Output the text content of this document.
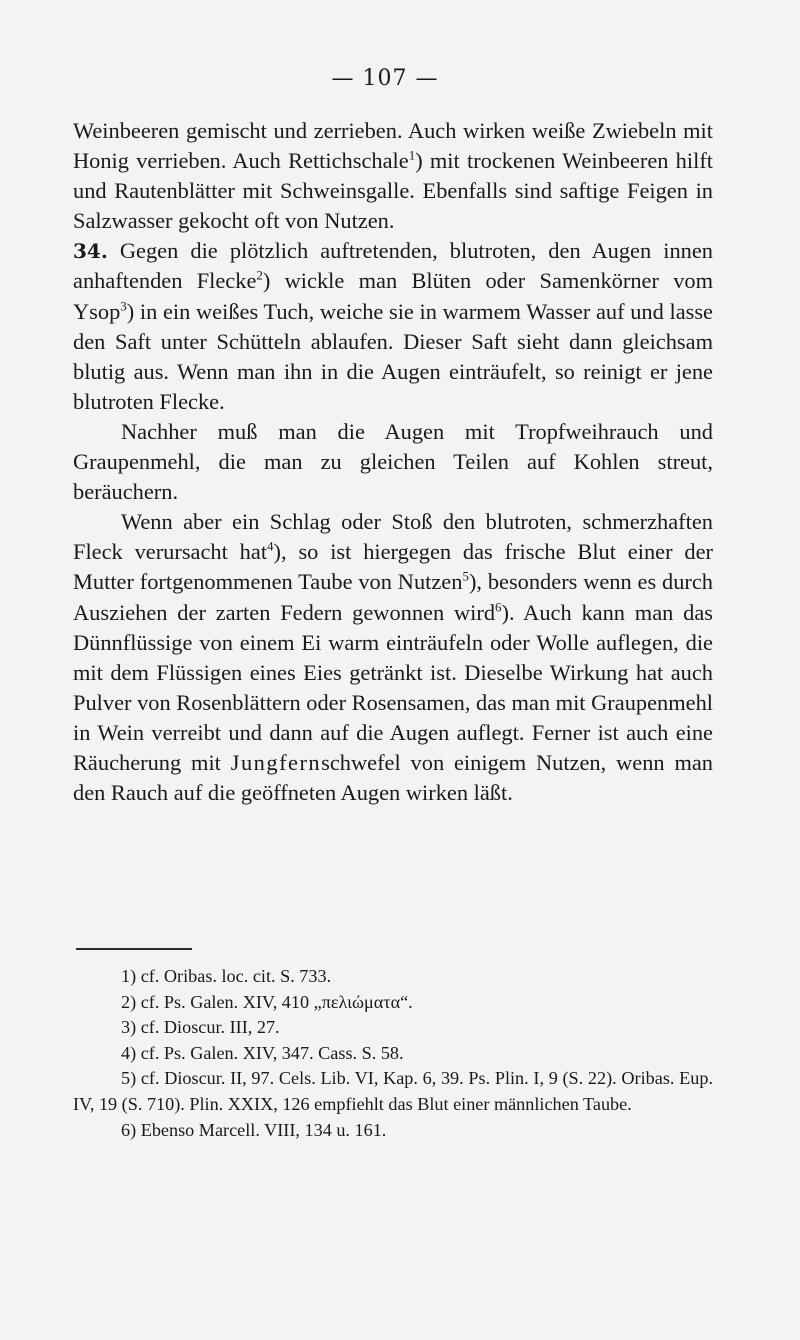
— 107 —

Weinbeeren gemischt und zerrieben. Auch wirken weiße Zwiebeln mit Honig verrieben. Auch Rettichschale$^1$) mit trockenen Weinbeeren hilft und Rautenblätter mit Schweinsgalle. Ebenfalls sind saftige Feigen in Salzwasser gekocht oft von Nutzen.

34. Gegen die plötzlich auftretenden, blutroten, den Augen innen anhaftenden Flecke$^2$) wickle man Blüten oder Samenkörner vom Ysop$^3$) in ein weißes Tuch, weiche sie in warmem Wasser auf und lasse den Saft unter Schütteln ablaufen. Dieser Saft sieht dann gleichsam blutig aus. Wenn man ihn in die Augen einträufelt, so reinigt er jene blutroten Flecke.

Nachher muß man die Augen mit Tropfweihrauch und Graupenmehl, die man zu gleichen Teilen auf Kohlen streut, beräuchern.

Wenn aber ein Schlag oder Stoß den blutroten, schmerzhaften Fleck verursacht hat$^4$), so ist hiergegen das frische Blut einer der Mutter fortgenommenen Taube von Nutzen$^5$), besonders wenn es durch Ausziehen der zarten Federn gewonnen wird$^6$). Auch kann man das Dünnflüssige von einem Ei warm einträufeln oder Wolle auflegen, die mit dem Flüssigen eines Eies getränkt ist. Dieselbe Wirkung hat auch Pulver von Rosenblättern oder Rosensamen, das man mit Graupenmehl in Wein verreibt und dann auf die Augen auflegt. Ferner ist auch eine Räucherung mit Jungfernschwefel von einigem Nutzen, wenn man den Rauch auf die geöffneten Augen wirken läßt.

1) cf. Oribas. loc. cit. S. 733.

2) cf. Ps. Galen. XIV, 410 „πελιώματα“.

3) cf. Dioscur. III, 27.

4) cf. Ps. Galen. XIV, 347. Cass. S. 58.

5) cf. Dioscur. II, 97. Cels. Lib. VI, Kap. 6, 39. Ps. Plin. I, 9 (S. 22). Oribas. Eup. IV, 19 (S. 710). Plin. XXIX, 126 empfiehlt das Blut einer männlichen Taube.

6) Ebenso Marcell. VIII, 134 u. 161.
